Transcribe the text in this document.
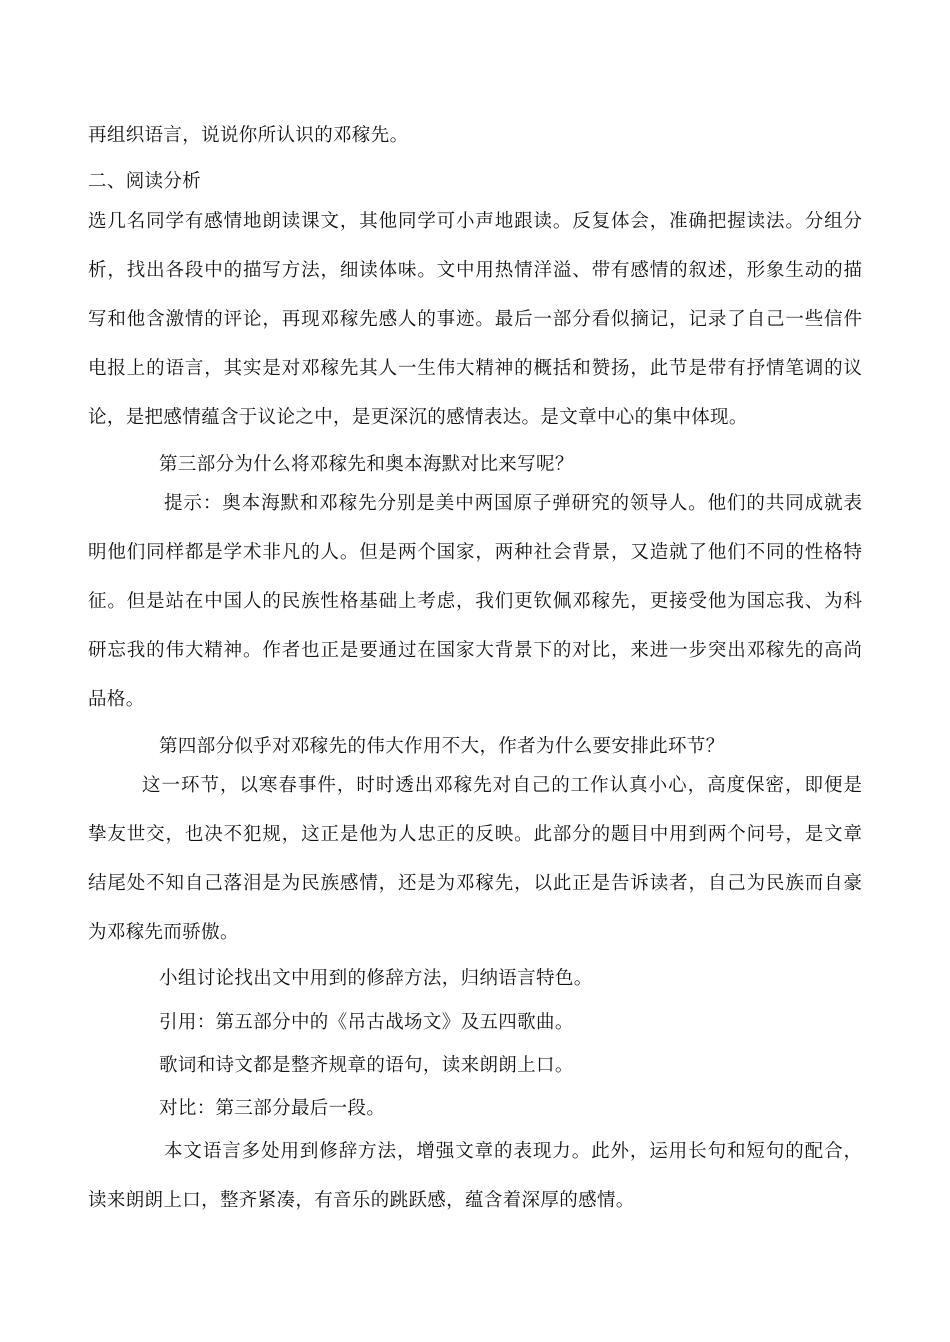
再组织语言，说说你所认识的邓稼先。
二、阅读分析
选几名同学有感情地朗读课文，其他同学可小声地跟读。反复体会，准确把握读法。分组分
析，找出各段中的描写方法，细读体味。文中用热情洋溢、带有感情的叙述，形象生动的描
写和他含激情的评论，再现邓稼先感人的事迹。最后一部分看似摘记，记录了自己一些信件
电报上的语言，其实是对邓稼先其人一生伟大精神的概括和赞扬，此节是带有抒情笔调的议
论，是把感情蕴含于议论之中，是更深沉的感情表达。是文章中心的集中体现。
第三部分为什么将邓稼先和奥本海默对比来写呢？
提示：奥本海默和邓稼先分别是美中两国原子弹研究的领导人。他们的共同成就表
明他们同样都是学术非凡的人。但是两个国家，两种社会背景，又造就了他们不同的性格特
征。但是站在中国人的民族性格基础上考虑，我们更钦佩邓稼先，更接受他为国忘我、为科
研忘我的伟大精神。作者也正是要通过在国家大背景下的对比，来进一步突出邓稼先的高尚
品格。
第四部分似乎对邓稼先的伟大作用不大，作者为什么要安排此环节？
这一环节，以寒春事件，时时透出邓稼先对自己的工作认真小心，高度保密，即便是
挚友世交，也决不犯规，这正是他为人忠正的反映。此部分的题目中用到两个问号，是文章
结尾处不知自己落泪是为民族感情，还是为邓稼先，以此正是告诉读者，自己为民族而自豪
为邓稼先而骄傲。
小组讨论找出文中用到的修辞方法，归纳语言特色。
引用：第五部分中的《吊古战场文》及五四歌曲。
歌词和诗文都是整齐规章的语句，读来朗朗上口。
对比：第三部分最后一段。
本文语言多处用到修辞方法，增强文章的表现力。此外，运用长句和短句的配合，
读来朗朗上口，整齐紧凑，有音乐的跳跃感，蕴含着深厚的感情。
